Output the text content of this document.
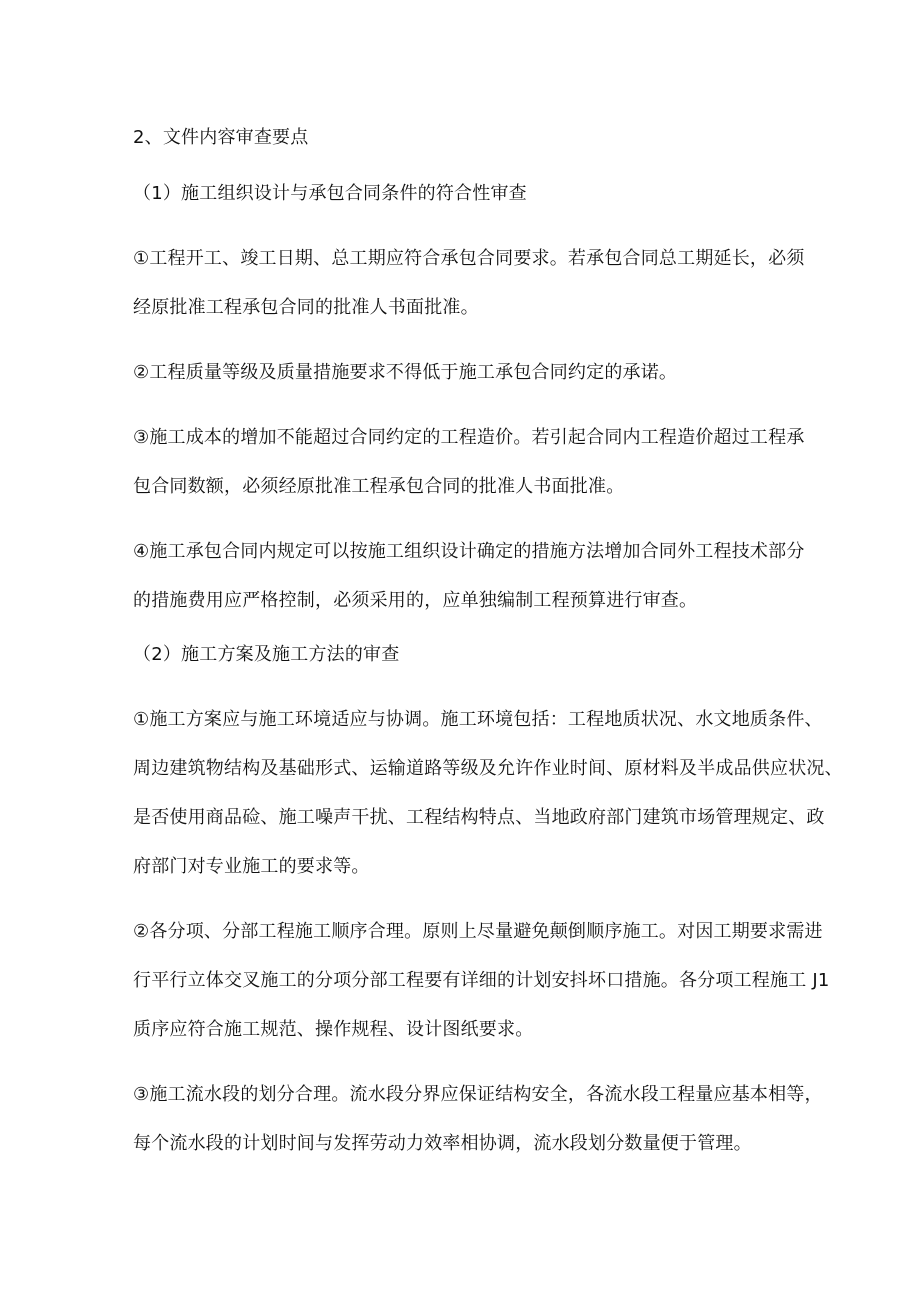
2、文件内容审查要点
（1）施工组织设计与承包合同条件的符合性审查
①工程开工、竣工日期、总工期应符合承包合同要求。若承包合同总工期延长，必须
经原批准工程承包合同的批准人书面批准。
②工程质量等级及质量措施要求不得低于施工承包合同约定的承诺。
③施工成本的增加不能超过合同约定的工程造价。若引起合同内工程造价超过工程承
包合同数额，必须经原批准工程承包合同的批准人书面批准。
④施工承包合同内规定可以按施工组织设计确定的措施方法增加合同外工程技术部分
的措施费用应严格控制，必须采用的，应单独编制工程预算进行审查。
（2）施工方案及施工方法的审查
①施工方案应与施工环境适应与协调。施工环境包括：工程地质状况、水文地质条件、
周边建筑物结构及基础形式、运输道路等级及允许作业时间、原材料及半成品供应状况、
是否使用商品硷、施工噪声干扰、工程结构特点、当地政府部门建筑市场管理规定、政
府部门对专业施工的要求等。
②各分项、分部工程施工顺序合理。原则上尽量避免颠倒顺序施工。对因工期要求需进
行平行立体交叉施工的分项分部工程要有详细的计划安抖坏口措施。各分项工程施工 J1
质序应符合施工规范、操作规程、设计图纸要求。
③施工流水段的划分合理。流水段分界应保证结构安全，各流水段工程量应基本相等，
每个流水段的计划时间与发挥劳动力效率相协调，流水段划分数量便于管理。
